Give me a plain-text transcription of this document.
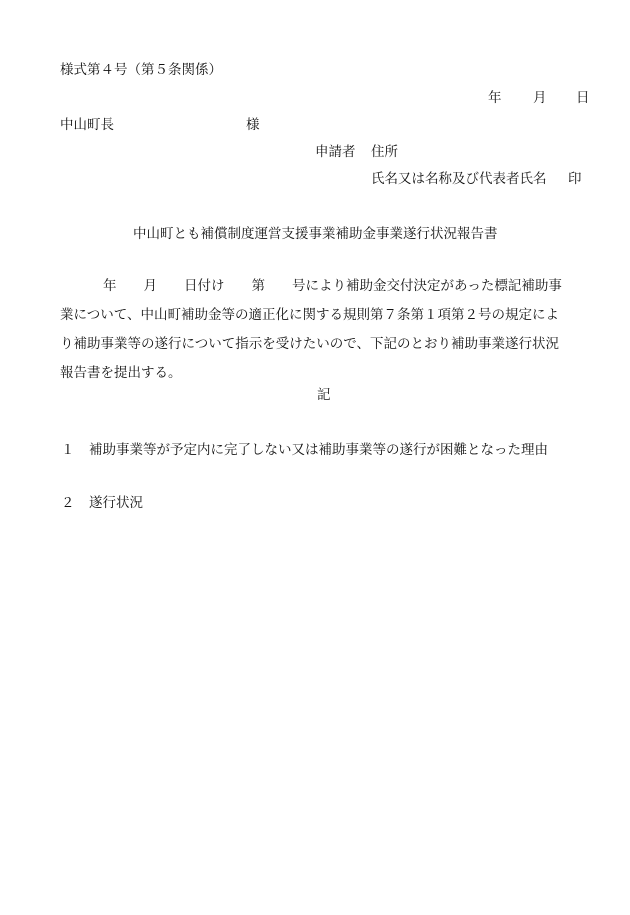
様式第４号（第５条関係）
年 月 日
中山町長	様
申請者 住所
氏名又は名称及び代表者氏名 印
中山町とも補償制度運営支援事業補助金事業遂行状況報告書
年　　月　　日付け　　第　　号により補助金交付決定があった標記補助事
業について、中山町補助金等の適正化に関する規則第７条第１項第２号の規定によ
り補助事業等の遂行について指示を受けたいので、下記のとおり補助事業遂行状況
報告書を提出する。
記
１ 補助事業等が予定内に完了しない又は補助事業等の遂行が困難となった理由
２ 遂行状況
